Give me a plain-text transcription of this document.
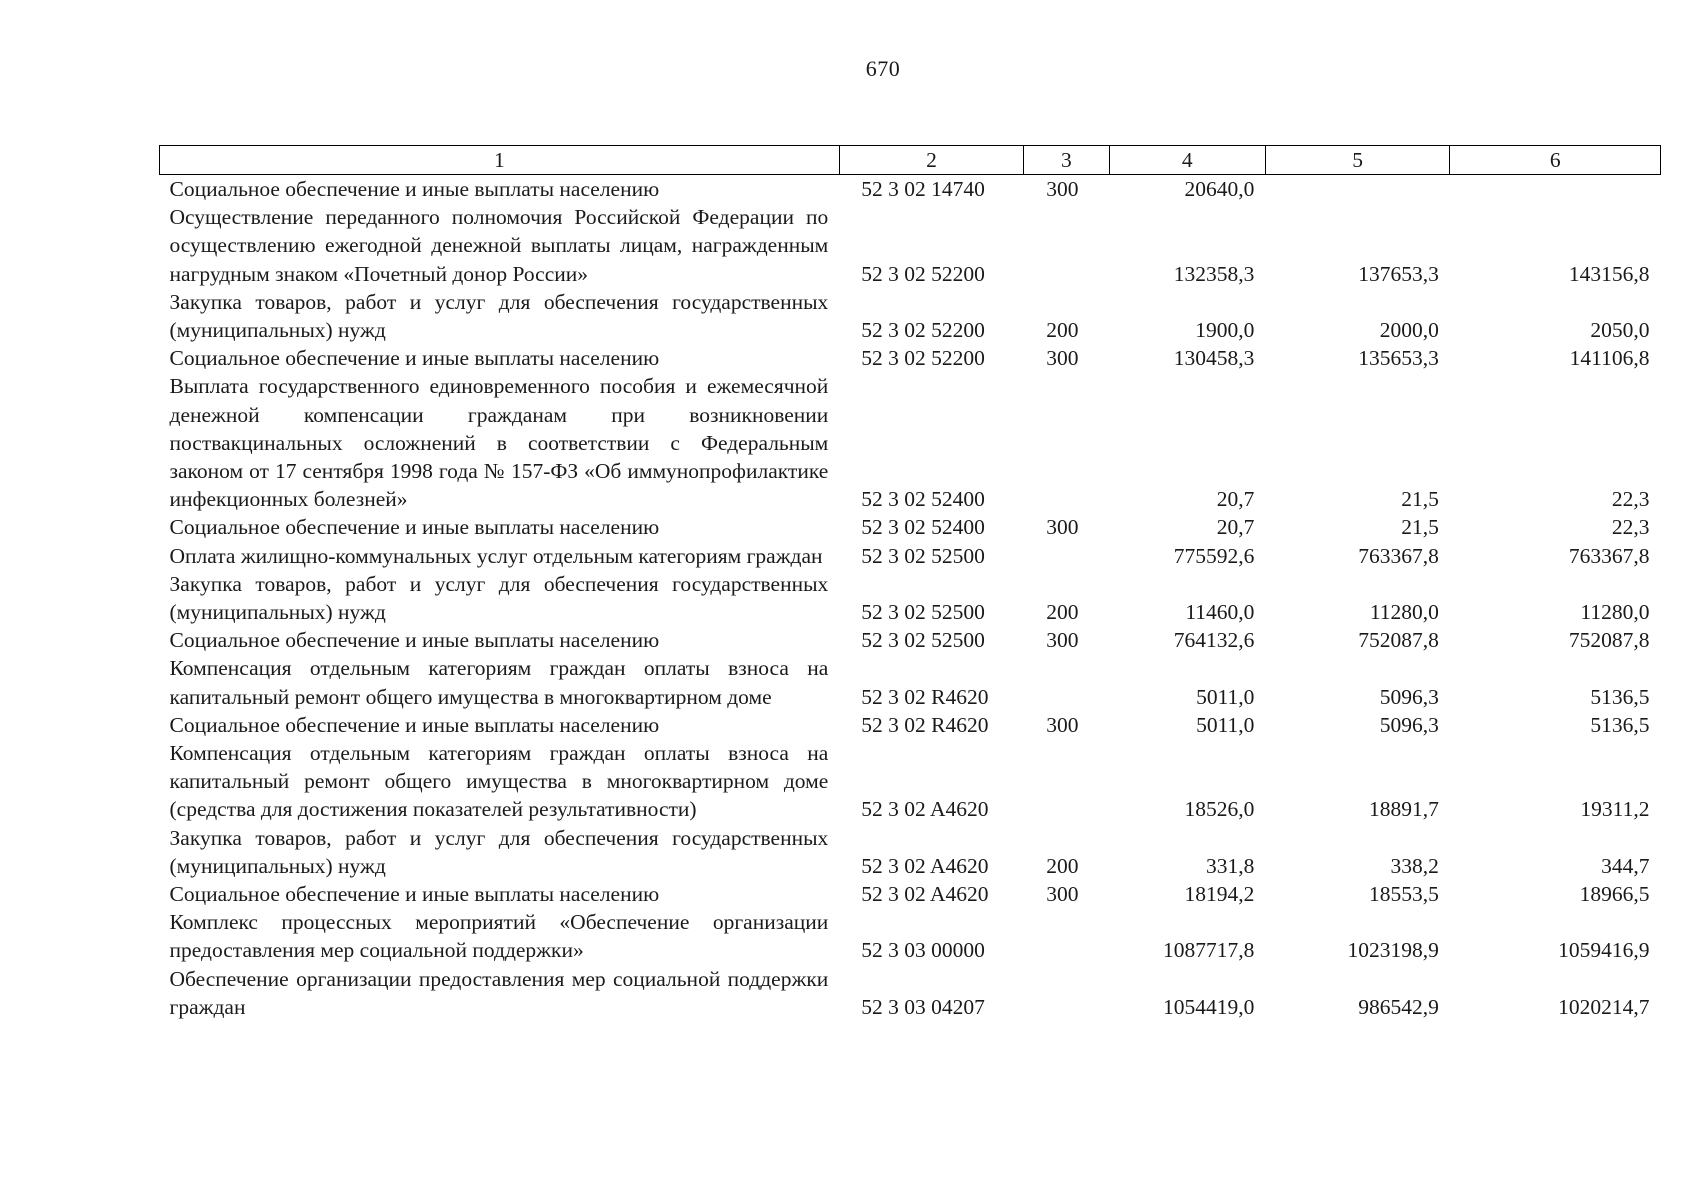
670
1	2	3	4	5	6
Социальное обеспечение и иные выплаты населению	52 3 02 14740	300	20640,0		
Осуществление переданного полномочия Российской Федерации по осуществлению ежегодной денежной выплаты лицам, награжденным нагрудным знаком «Почетный донор России»	52 3 02 52200		132358,3	137653,3	143156,8
Закупка товаров, работ и услуг для обеспечения государственных (муниципальных) нужд	52 3 02 52200	200	1900,0	2000,0	2050,0
Социальное обеспечение и иные выплаты населению	52 3 02 52200	300	130458,3	135653,3	141106,8
Выплата государственного единовременного пособия и ежемесячной денежной компенсации гражданам при возникновении поствакцинальных осложнений в соответствии с Федеральным законом от 17 сентября 1998 года № 157-ФЗ «Об иммунопрофилактике инфекционных болезней»	52 3 02 52400		20,7	21,5	22,3
Социальное обеспечение и иные выплаты населению	52 3 02 52400	300	20,7	21,5	22,3
Оплата жилищно-коммунальных услуг отдельным категориям граждан	52 3 02 52500		775592,6	763367,8	763367,8
Закупка товаров, работ и услуг для обеспечения государственных (муниципальных) нужд	52 3 02 52500	200	11460,0	11280,0	11280,0
Социальное обеспечение и иные выплаты населению	52 3 02 52500	300	764132,6	752087,8	752087,8
Компенсация отдельным категориям граждан оплаты взноса на капитальный ремонт общего имущества в многоквартирном доме	52 3 02 R4620		5011,0	5096,3	5136,5
Социальное обеспечение и иные выплаты населению	52 3 02 R4620	300	5011,0	5096,3	5136,5
Компенсация отдельным категориям граждан оплаты взноса на капитальный ремонт общего имущества в многоквартирном доме (средства для достижения показателей результативности)	52 3 02 A4620		18526,0	18891,7	19311,2
Закупка товаров, работ и услуг для обеспечения государственных (муниципальных) нужд	52 3 02 A4620	200	331,8	338,2	344,7
Социальное обеспечение и иные выплаты населению	52 3 02 A4620	300	18194,2	18553,5	18966,5
Комплекс процессных мероприятий «Обеспечение организации предоставления мер социальной поддержки»	52 3 03 00000		1087717,8	1023198,9	1059416,9
Обеспечение организации предоставления мер социальной поддержки граждан	52 3 03 04207		1054419,0	986542,9	1020214,7
